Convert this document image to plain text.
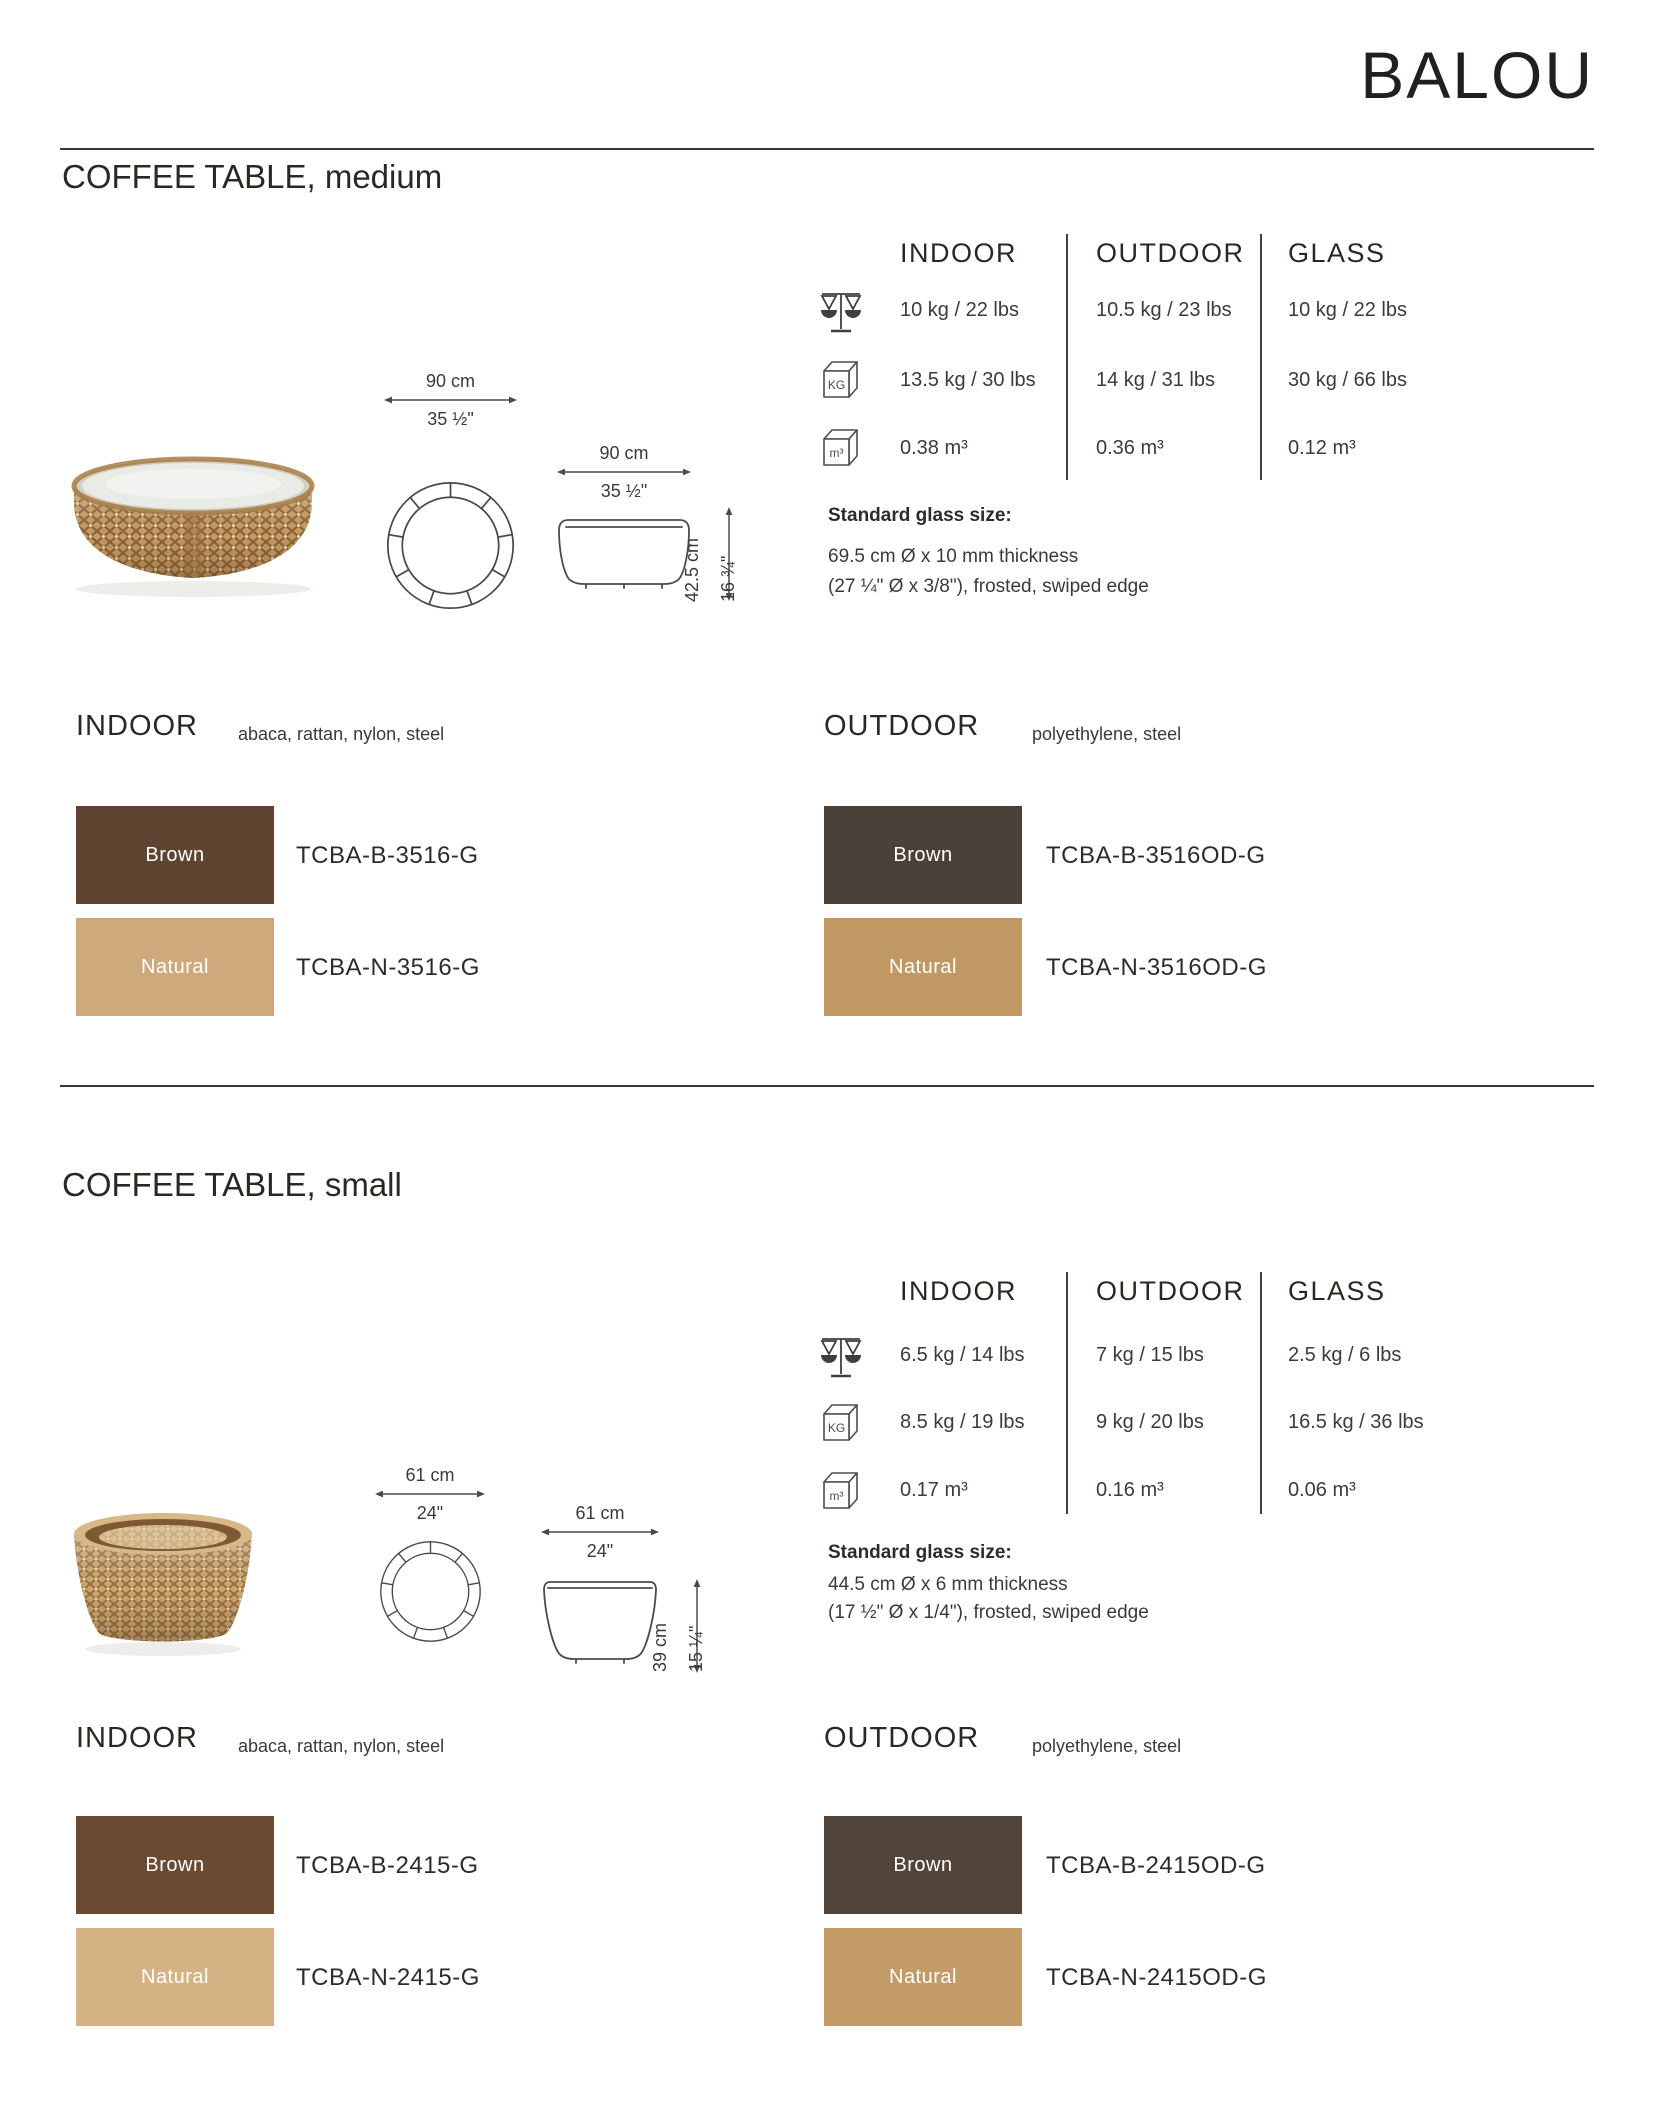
BALOU
COFFEE TABLE, medium
90 cm
35 ½"
90 cm
35 ½"
42.5 cm 16 ¾"
INDOOR	OUTDOOR GLASS
KG
m³
10 kg / 22 lbs	10.5 kg / 23 lbs	10 kg / 22 lbs
13.5 kg / 30 lbs	14 kg / 31 lbs	30 kg / 66 lbs
0.38 m³	0.36 m³	0.12 m³
Standard glass size:
69.5 cm Ø x 10 mm thickness
(27 ¼" Ø x 3/8"), frosted, swiped edge
INDOOR abaca, rattan, nylon, steel	OUTDOOR	polyethylene, steel
Brown	TCBA-B-3516-G
Natural	TCBA-N-3516-G
Brown	TCBA-B-3516OD-G
Natural	TCBA-N-3516OD-G
COFFEE TABLE, small
61 cm
24"	61 cm
24"
39 cm 15 ¼"
INDOOR	OUTDOOR GLASS
KG
m³
6.5 kg / 14 lbs	7 kg / 15 lbs	2.5 kg / 6 lbs
8.5 kg / 19 lbs	9 kg / 20 lbs	16.5 kg / 36 lbs
0.17 m³	0.16 m³	0.06 m³
Standard glass size:
44.5 cm Ø x 6 mm thickness
(17 ½" Ø x 1/4"), frosted, swiped edge
INDOOR abaca, rattan, nylon, steel	OUTDOOR	polyethylene, steel
Brown	TCBA-B-2415-G
Natural	TCBA-N-2415-G
Brown	TCBA-B-2415OD-G
Natural	TCBA-N-2415OD-G
